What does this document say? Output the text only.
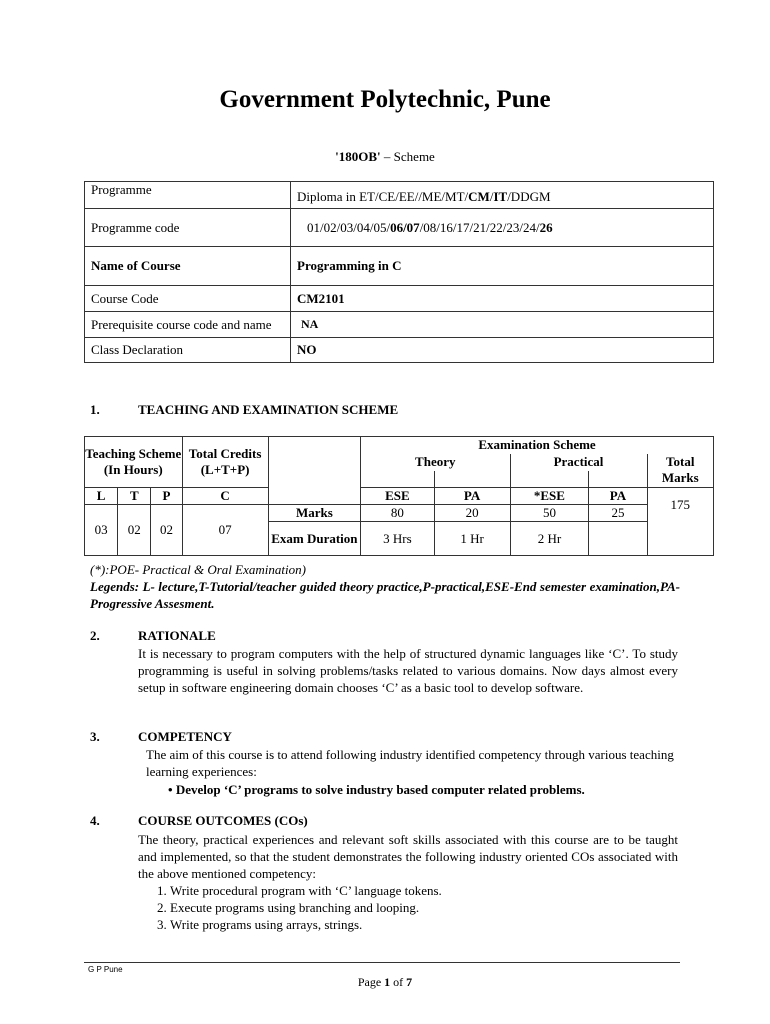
Government Polytechnic, Pune
'180OB' – Scheme
Programme	Diploma in ET/CE/EE//ME/MT/CM/IT/DDGM
Programme code	01/02/03/04/05/06/07/08/16/17/21/22/23/24/26
Name of Course	Programming in C
Course Code	CM2101
Prerequisite course code and name	NA
Class Declaration	NO
1.	TEACHING AND EXAMINATION SCHEME
Teaching Scheme (In Hours)			Total Credits (L+T+P)		Examination Scheme				
					Theory		Practical		Total Marks

L	T	P	C		ESE	PA	*ESE	PA	175
03	02	02	07	Marks	80	20	50	25	
				Exam Duration	3 Hrs	1 Hr	2 Hr		
(*):POE- Practical & Oral Examination)
Legends: L- lecture,T-Tutorial/teacher guided theory practice,P-practical,ESE-End semester examination,PA- Progressive Assesment.
2.	RATIONALE
It is necessary to program computers with the help of structured dynamic languages like ‘C’. To study programming is useful in solving problems/tasks related to various domains. Now days almost every setup in software engineering domain chooses ‘C’ as a basic tool to develop software.
3.	COMPETENCY
The aim of this course is to attend following industry identified competency through various teaching learning experiences:
• Develop ‘C’ programs to solve industry based computer related problems.
4.	COURSE OUTCOMES (COs)
The theory, practical experiences and relevant soft skills associated with this course are to be taught and implemented, so that the student demonstrates the following industry oriented COs associated with the above mentioned competency:
1. Write procedural program with ‘C’ language tokens.
2. Execute programs using branching and looping.
3. Write programs using arrays, strings.
G P Pune
Page 1 of 7
